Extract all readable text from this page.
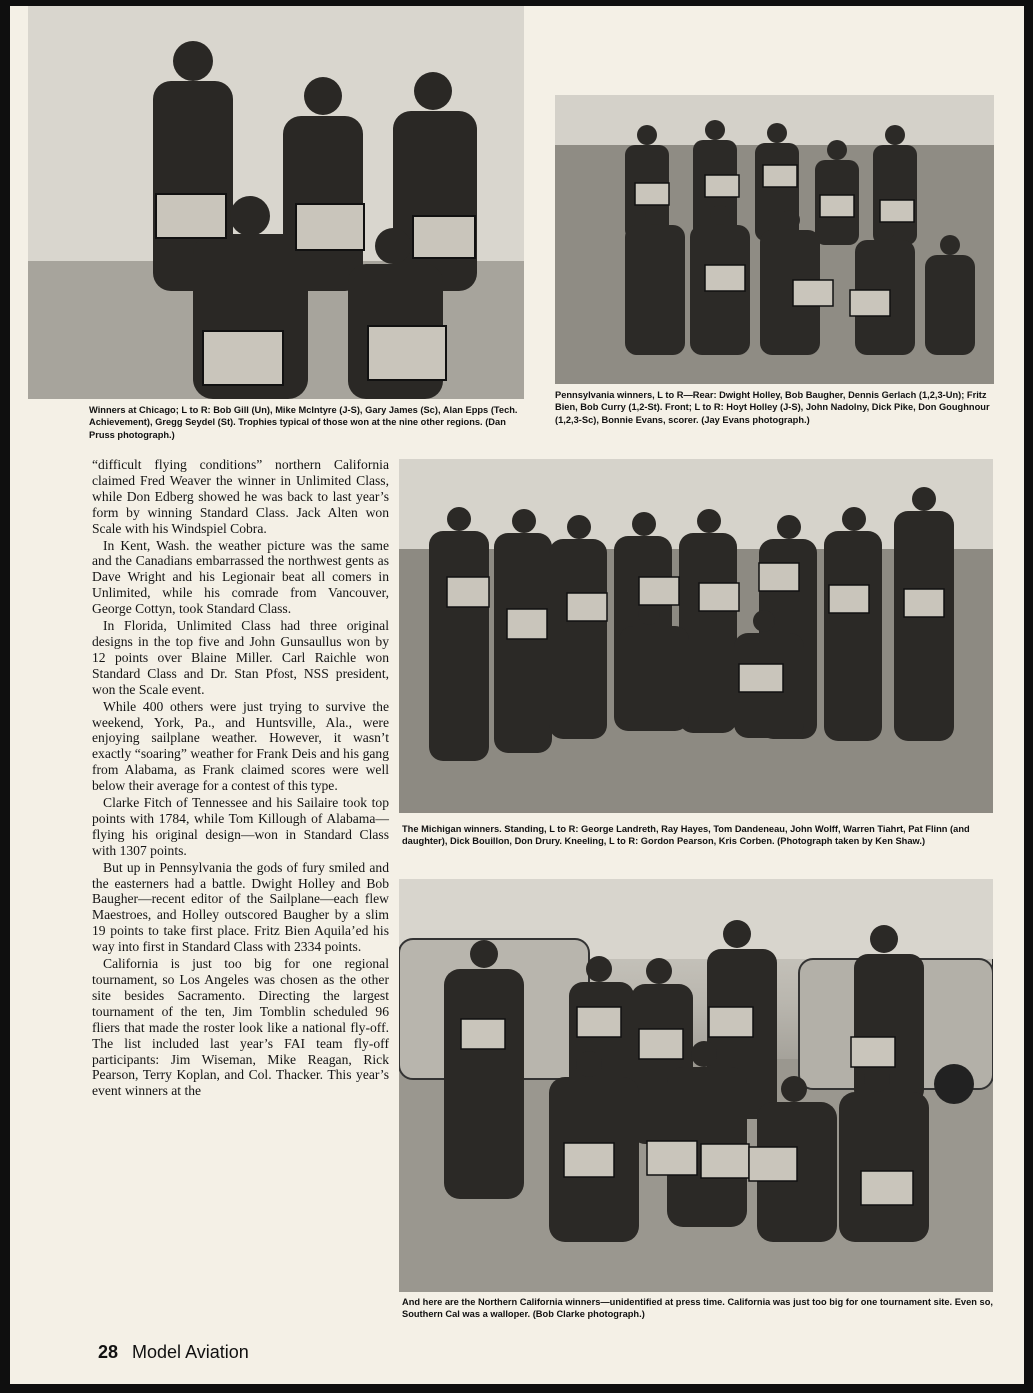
Winners at Chicago; L to R: Bob Gill (Un), Mike McIntyre (J-S), Gary James (Sc), Alan Epps (Tech. Achievement), Gregg Seydel (St). Trophies typical of those won at the nine other regions. (Dan Pruss photograph.)

Pennsylvania winners, L to R—Rear: Dwight Holley, Bob Baugher, Dennis Gerlach (1,2,3-Un); Fritz Bien, Bob Curry (1,2-St). Front; L to R: Hoyt Holley (J-S), John Nadolny, Dick Pike, Don Goughnour (1,2,3-Sc), Bonnie Evans, scorer. (Jay Evans photograph.)

The Michigan winners. Standing, L to R: George Landreth, Ray Hayes, Tom Dandeneau, John Wolff, Warren Tiahrt, Pat Flinn (and daughter), Dick Bouillon, Don Drury. Kneeling, L to R: Gordon Pearson, Kris Corben. (Photograph taken by Ken Shaw.)

And here are the Northern California winners—unidentified at press time. California was just too big for one tournament site. Even so, Southern Cal was a walloper. (Bob Clarke photograph.)

“difficult flying conditions” northern California claimed Fred Weaver the winner in Unlimited Class, while Don Edberg showed he was back to last year’s form by winning Standard Class. Jack Alten won Scale with his Windspiel Cobra.

In Kent, Wash. the weather picture was the same and the Canadians embarrassed the northwest gents as Dave Wright and his Legionair beat all comers in Unlimited, while his comrade from Vancouver, George Cottyn, took Standard Class.

In Florida, Unlimited Class had three original designs in the top five and John Gunsaullus won by 12 points over Blaine Miller. Carl Raichle won Standard Class and Dr. Stan Pfost, NSS president, won the Scale event.

While 400 others were just trying to survive the weekend, York, Pa., and Huntsville, Ala., were enjoying sailplane weather. However, it wasn’t exactly “soaring” weather for Frank Deis and his gang from Alabama, as Frank claimed scores were well below their average for a contest of this type.

Clarke Fitch of Tennessee and his Sailaire took top points with 1784, while Tom Killough of Alabama—flying his original design—won in Standard Class with 1307 points.

But up in Pennsylvania the gods of fury smiled and the easterners had a battle. Dwight Holley and Bob Baugher—recent editor of the Sailplane—each flew Maestroes, and Holley outscored Baugher by a slim 19 points to take first place. Fritz Bien Aquila’ed his way into first in Standard Class with 2334 points.

California is just too big for one regional tournament, so Los Angeles was chosen as the other site besides Sacramento. Directing the largest tournament of the ten, Jim Tomblin scheduled 96 fliers that made the roster look like a national fly-off. The list included last year’s FAI team fly-off participants: Jim Wiseman, Mike Reagan, Rick Pearson, Terry Koplan, and Col. Thacker. This year’s event winners at the

28 Model Aviation
